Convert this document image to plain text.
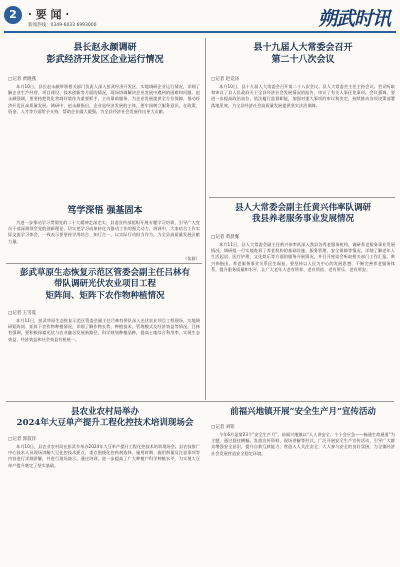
2	· 要 闻 ·
新闻热线：0349-6033 6993000	朔武时讯
县长赵永颜调研
彭武经济开发区企业运行情况
□记者 贾晓燕
本月10日，县长赵永颜带领相关部门负责人深入彭武经济开发区，实地调研企业运行情况，详细了解企业生产经营、项目建设、技术创新等方面的情况，现场协调解决企业发展中遇到的困难和问题。赵永颜强调，要坚持把优化营商环境作为重要抓手，主动靠前服务，为企业发展提供全方位保障，推动经济开发区高质量发展。调研中，赵永颜指出，企业是经济发展的主体，要牢固树立服务意识，在政策、资金、人才等方面给予支持，帮助企业做大做强，为全县经济社会发展作出更大贡献。
笃学深悟 强基固本
为进一步推动学习贯彻党的二十大精神走深走实，县委宣传部组织开展专题学习培训，引导广大党员干部深刻领会党的创新理论，切实把学习成果转化为推动工作的强大动力。培训中，大家结合工作实际交流学习体会，一致表示要坚持学用结合、知行合一，以实际行动担当作为，为全县高质量发展贡献力量。
（张源）
县十九届人大常委会召开
第二十八次会议
□记者 赵竞泽
本月10日，县十九届人大常委会召开第二十八次会议。县人大常委会主任主持会议。会议听取和审议了县人民政府关于全县经济社会发展情况的报告，审议了有关人事任免事项。会议强调，要进一步提高政治站位，依法履行监督职能，加强对重大事项的审议和决定，持续推动各项决策部署落地见效，为全县经济社会高质量发展提供坚实法治保障。
县人大常委会副主任黄兴伟率队调研
我县养老服务事业发展情况
□记者 黄晨雾
本月11日，县人大常委会副主任黄兴伟率队深入我县各养老服务机构，调研养老服务事业发展情况。调研组一行实地查看了养老机构的基础设施、服务管理、安全保障等情况，详细了解老年人生活起居、医疗护理、文化娱乐等方面的服务开展情况，并召开座谈会听取相关部门工作汇报。黄兴伟指出，养老服务事业关系民生福祉，要坚持以人民为中心的发展思想，不断完善养老服务体系，提升服务质量和水平，让广大老年人老有所养、老有所依、老有所乐、老有所安。
彭武草原生态恢复示范区管委会副主任吕林有
带队调研光伏农业项目工程
矩阵间、矩阵下农作物种植情况
□记者 王雪夏
本月11日，彭武草原生态恢复示范区管委会副主任吕林有带队深入光伏农业项目工程现场，实地调研矩阵间、矩阵下农作物种植情况，详细了解作物长势、种植技术、管理模式及经济效益等情况。吕林有强调，要积极探索光伏与农业融合发展新路径，科学规划种植品种，提高土地综合利用率，实现生态效益、经济效益和社会效益有机统一。
县农业农村局举办
2024年大豆单产提升工程化控技术培训现场会
□记者 郭叔洋
本月10日，县农业农村局在彭武乡举办2024年大豆单产提升工程化控技术培训现场会。县农技推广中心技术人员现场讲解大豆化控技术要点，重点围绕化控药剂选择、施用时期、施用剂量及注意事项等内容进行详细讲解，并进行现场演示。通过培训，进一步提高了广大种植户科学种植水平，为实现大豆单产提升奠定了坚实基础。
前福兴地镇开展“安全生产月”宣传活动
□记者 刘铭
今年6月是第23个“安全生产月”，前福兴地镇以“人人讲安全、个个会应急——畅通生命通道”为主题，通过悬挂横幅、发放宣传资料、现场讲解等形式，广泛开展安全生产宣传活动，引导广大群众增强安全意识，提升自救互救能力，营造人人关注安全、人人参与安全的良好氛围，为全镇经济社会发展营造安全稳定环境。
